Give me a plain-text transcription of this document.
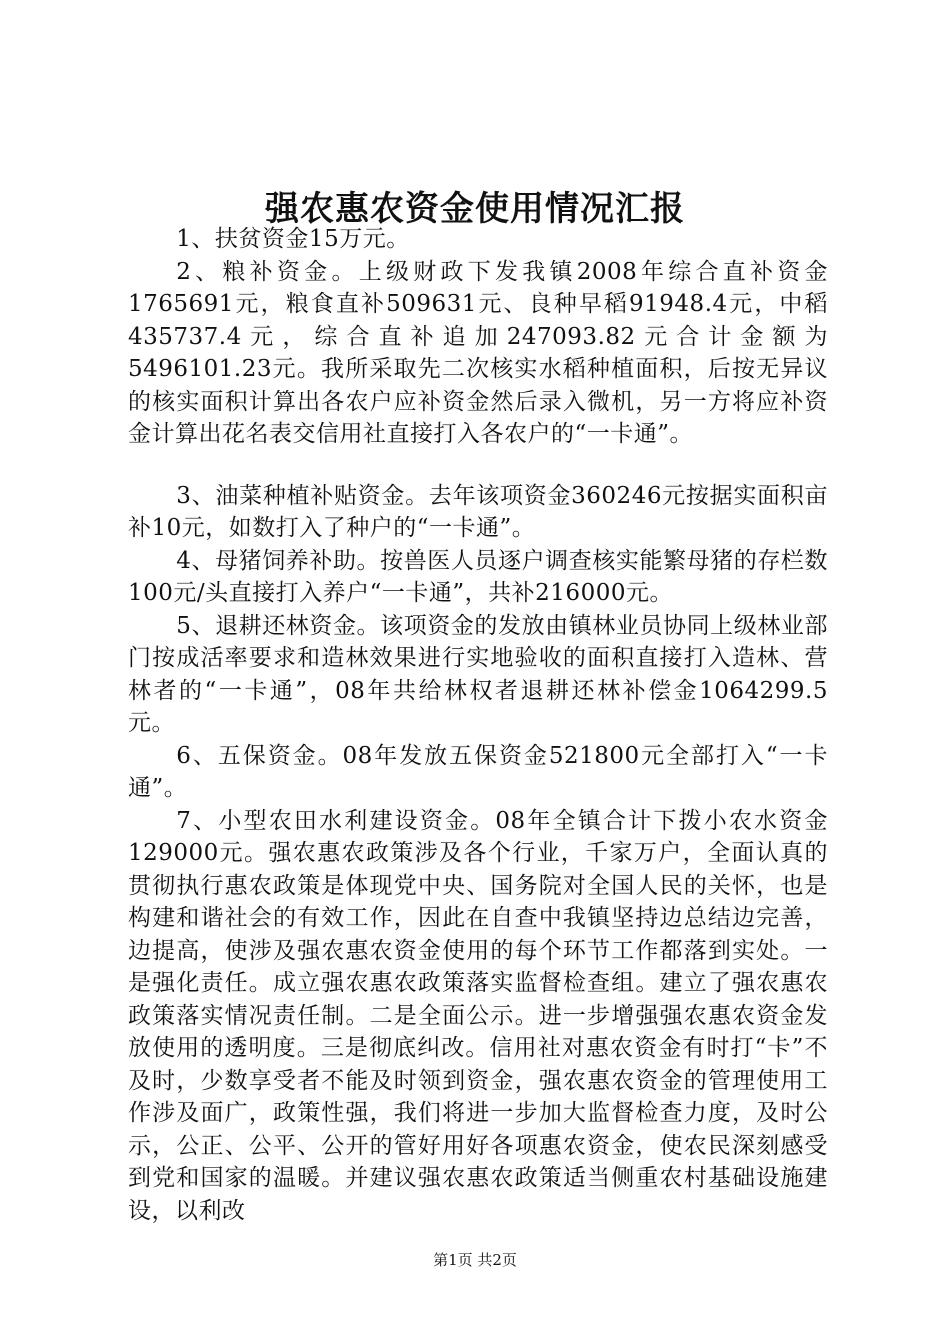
强农惠农资金使用情况汇报

1、扶贫资金15万元。

2、粮补资金。上级财政下发我镇2008年综合直补资金1765691元，粮食直补509631元、良种早稻91948.4元，中稻435737.4元，综合直补追加247093.82元合计金额为5496101.23元。我所采取先二次核实水稻种植面积，后按无异议的核实面积计算出各农户应补资金然后录入微机，另一方将应补资金计算出花名表交信用社直接打入各农户的“一卡通”。

3、油菜种植补贴资金。去年该项资金360246元按据实面积亩补10元，如数打入了种户的“一卡通”。

4、母猪饲养补助。按兽医人员逐户调查核实能繁母猪的存栏数100元/头直接打入养户“一卡通”，共补216000元。

5、退耕还林资金。该项资金的发放由镇林业员协同上级林业部门按成活率要求和造林效果进行实地验收的面积直接打入造林、营林者的“一卡通”，08年共给林权者退耕还林补偿金1064299.5元。

6、五保资金。08年发放五保资金521800元全部打入“一卡通”。

7、小型农田水利建设资金。08年全镇合计下拨小农水资金129000元。强农惠农政策涉及各个行业，千家万户，全面认真的贯彻执行惠农政策是体现党中央、国务院对全国人民的关怀，也是构建和谐社会的有效工作，因此在自查中我镇坚持边总结边完善，边提高，使涉及强农惠农资金使用的每个环节工作都落到实处。一是强化责任。成立强农惠农政策落实监督检查组。建立了强农惠农政策落实情况责任制。二是全面公示。进一步增强强农惠农资金发放使用的透明度。三是彻底纠改。信用社对惠农资金有时打“卡”不及时，少数享受者不能及时领到资金，强农惠农资金的管理使用工作涉及面广，政策性强，我们将进一步加大监督检查力度，及时公示，公正、公平、公开的管好用好各项惠农资金，使农民深刻感受到党和国家的温暖。并建议强农惠农政策适当侧重农村基础设施建设，以利改

第1页 共2页
